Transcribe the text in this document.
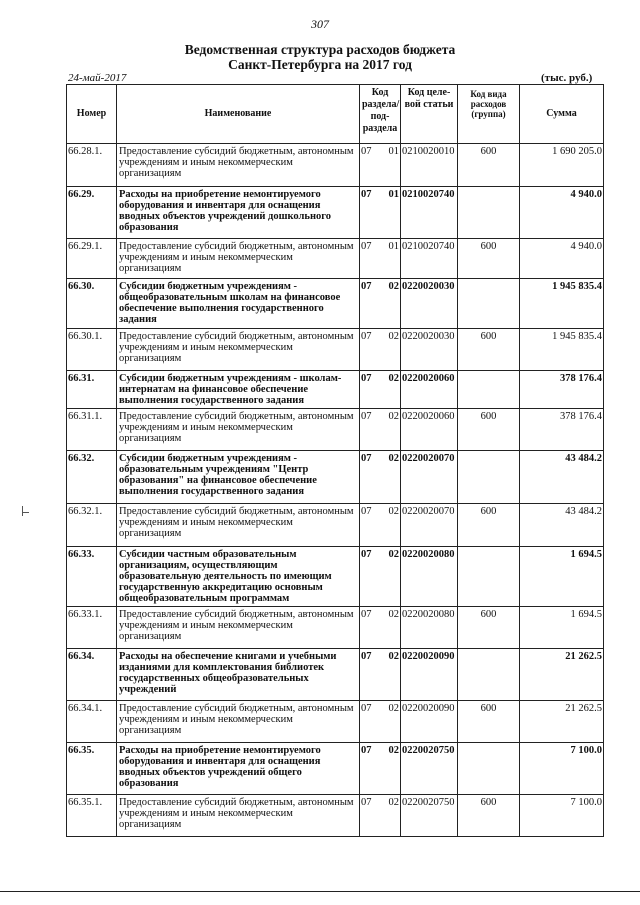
307
Ведомственная структура расходов бюджета
Санкт-Петербурга на 2017 год
24-май-2017	(тыс. руб.)
Номер	Наименование	Код раздела/ под- раздела		Код целе- вой статьи	Код вида расходов (группа)	Сумма
66.28.1.	Предоставление субсидий бюджетным, автономным учреждениям и иным некоммерческим организациям	07	01	0210020010	600	1 690 205.0
66.29.	Расходы на приобретение немонтируемого оборудования и инвентаря для оснащения вводных объектов учреждений дошкольного образования	07	01	0210020740		4 940.0
66.29.1.	Предоставление субсидий бюджетным, автономным учреждениям и иным некоммерческим организациям	07	01	0210020740	600	4 940.0
66.30.	Субсидии бюджетным учреждениям - общеобразовательным школам на финансовое обеспечение выполнения государственного задания	07	02	0220020030		1 945 835.4
66.30.1.	Предоставление субсидий бюджетным, автономным учреждениям и иным некоммерческим организациям	07	02	0220020030	600	1 945 835.4
66.31.	Субсидии бюджетным учреждениям - школам-интернатам на финансовое обеспечение выполнения государственного задания	07	02	0220020060		378 176.4
66.31.1.	Предоставление субсидий бюджетным, автономным учреждениям и иным некоммерческим организациям	07	02	0220020060	600	378 176.4
66.32.	Субсидии бюджетным учреждениям - образовательным учреждениям "Центр образования" на финансовое обеспечение выполнения государственного задания	07	02	0220020070		43 484.2
66.32.1.	Предоставление субсидий бюджетным, автономным учреждениям и иным некоммерческим организациям	07	02	0220020070	600	43 484.2
66.33.	Субсидии частным образовательным организациям, осуществляющим образовательную деятельность по имеющим государственную аккредитацию основным общеобразовательным программам	07	02	0220020080		1 694.5
66.33.1.	Предоставление субсидий бюджетным, автономным учреждениям и иным некоммерческим организациям	07	02	0220020080	600	1 694.5
66.34.	Расходы на обеспечение книгами и учебными изданиями для комплектования библиотек государственных общеобразовательных учреждений	07	02	0220020090		21 262.5
66.34.1.	Предоставление субсидий бюджетным, автономным учреждениям и иным некоммерческим организациям	07	02	0220020090	600	21 262.5
66.35.	Расходы на приобретение немонтируемого оборудования и инвентаря для оснащения вводных объектов учреждений общего образования	07	02	0220020750		7 100.0
66.35.1.	Предоставление субсидий бюджетным, автономным учреждениям и иным некоммерческим организациям	07	02	0220020750	600	7 100.0
